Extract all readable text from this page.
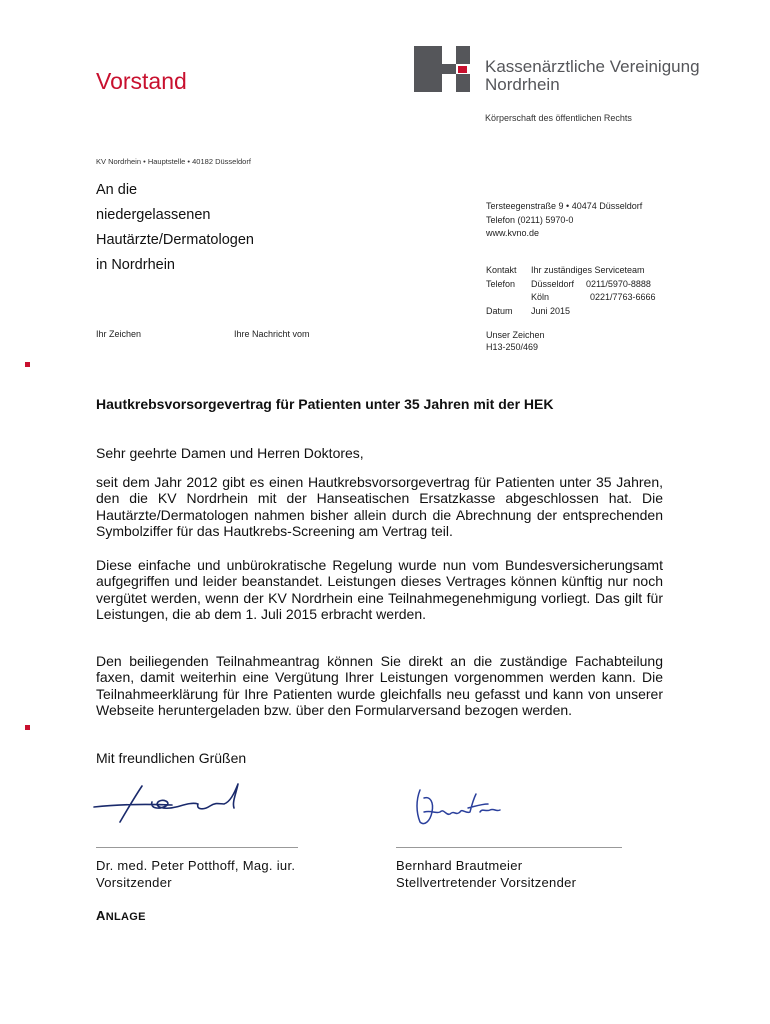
Vorstand
Kassenärztliche Vereinigung
Nordrhein
Körperschaft des öffentlichen Rechts
KV Nordrhein • Hauptstelle • 40182 Düsseldorf
An die
niedergelassenen
Hautärzte/Dermatologen
in Nordrhein
Tersteegenstraße 9 • 40474 Düsseldorf
Telefon (0211) 5970-0
www.kvno.de
Kontakt	Ihr zuständiges Serviceteam	
Telefon	Düsseldorf	0211/5970-8888
	Köln	0221/7763-6666
Datum	Juni 2015	
Ihr Zeichen	Ihre Nachricht vom	Unser Zeichen
H13-250/469
Hautkrebsvorsorgevertrag für Patienten unter 35 Jahren mit der HEK
Sehr geehrte Damen und Herren Doktores,
seit dem Jahr 2012 gibt es einen Hautkrebsvorsorgevertrag für Patienten unter 35 Jahren, den die KV Nordrhein mit der Hanseatischen Ersatzkasse abgeschlossen hat. Die Hautärzte/Dermatologen nahmen bisher allein durch die Abrechnung der entsprechenden Symbolziffer für das Hautkrebs-Screening am Vertrag teil.
Diese einfache und unbürokratische Regelung wurde nun vom Bundesversicherungsamt aufgegriffen und leider beanstandet. Leistungen dieses Vertrages können künftig nur noch vergütet werden, wenn der KV Nordrhein eine Teilnahmegenehmigung vorliegt. Das gilt für Leistungen, die ab dem 1. Juli 2015 erbracht werden.
Den beiliegenden Teilnahmeantrag können Sie direkt an die zuständige Fachabteilung faxen, damit weiterhin eine Vergütung Ihrer Leistungen vorgenommen werden kann. Die Teilnahmeerklärung für Ihre Patienten wurde gleichfalls neu gefasst und kann von unserer Webseite heruntergeladen bzw. über den Formularversand bezogen werden.
Mit freundlichen Grüßen
Dr. med. Peter Potthoff, Mag. iur.
Vorsitzender
Bernhard Brautmeier
Stellvertretender Vorsitzender
ANLAGE
